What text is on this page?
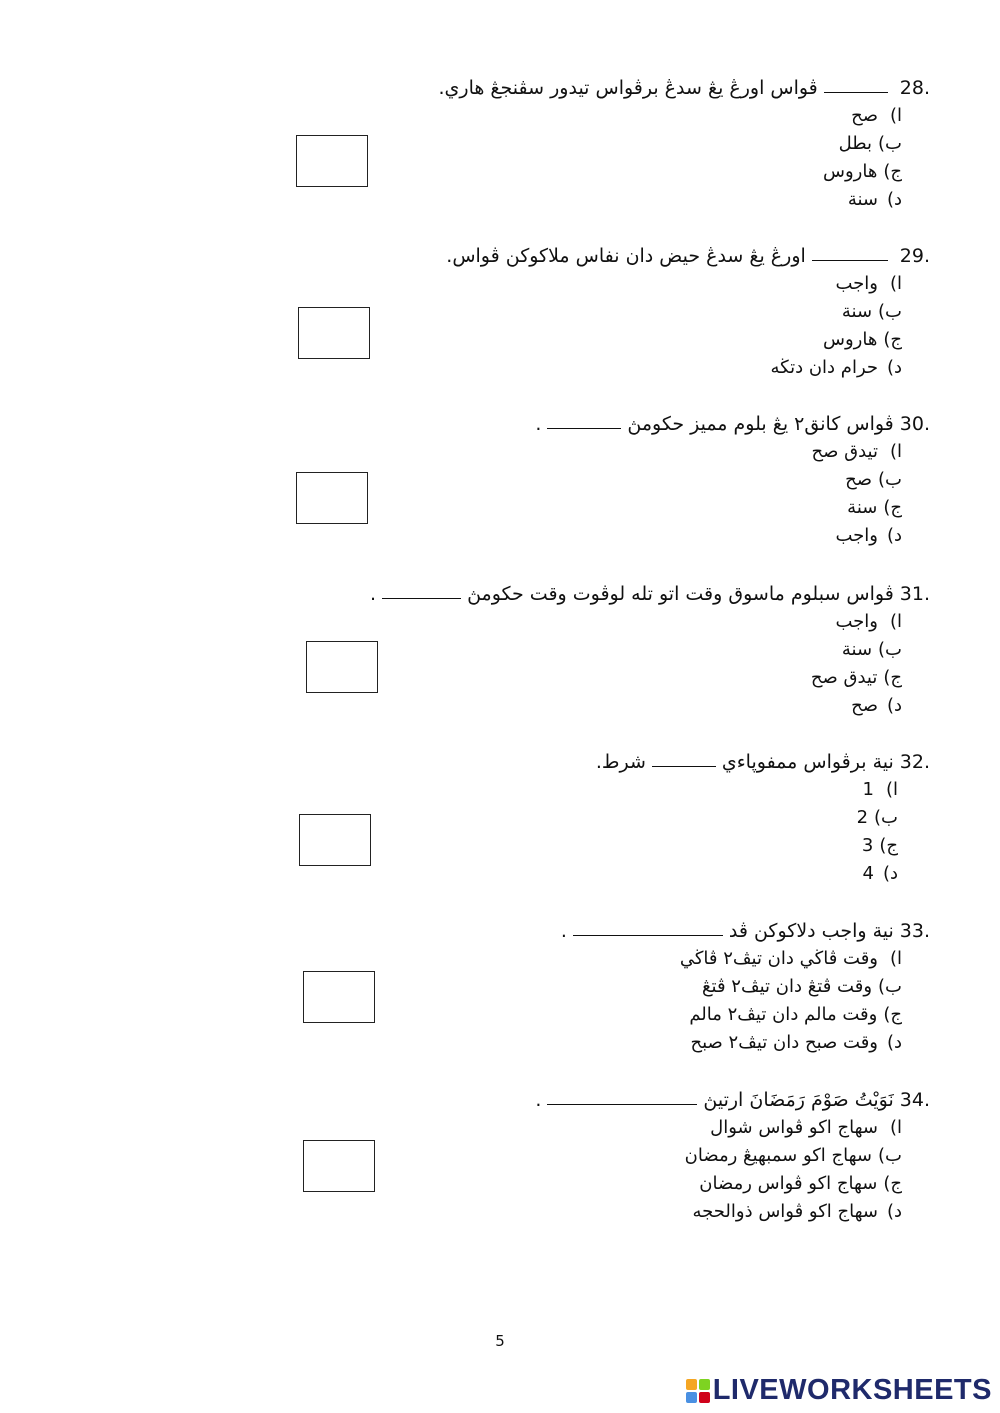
28.
ڤواس اورڠ يڠ سدڠ برڤواس تيدور سڤنجڠ هاري.
ا)
صح
ب)
بطل
ج)
هاروس
د)
سنة
29.
اورڠ يڠ سدڠ حيض دان نفاس ملاكوكن ڤواس.
ا)
واجب
ب)
سنة
ج)
هاروس
د)
حرام دان دتڬه
30.
ڤواس كانق٢ يڠ بلوم مميز حكومڽ
.
ا)
تيدق صح
ب)
صح
ج)
سنة
د)
واجب
31.
ڤواس سبلوم ماسوق وقت اتو تله لوڤوت وقت حكومڽ
.
ا)
واجب
ب)
سنة
ج)
تيدق صح
د)
صح
32.
نية برڤواس ممفوڽاءي
شرط.
ا)
1
ب)
2
ج)
3
د)
4
33.
نية واجب دلاكوكن ڤد
.
ا)
وقت ڤاڬي دان تيڤ٢ ڤاڬي
ب)
وقت ڤتڠ دان تيڤ٢ ڤتڠ
ج)
وقت مالم دان تيڤ٢ مالم
د)
وقت صبح دان تيڤ٢ صبح
34.
نَوَيْتُ صَوْمَ رَمَضَانَ ارتيڽ
.
ا)
سهاج اكو ڤواس شوال
ب)
سهاج اكو سمبهيڠ رمضان
ج)
سهاج اكو ڤواس رمضان
د)
سهاج اكو ڤواس ذوالحجه
5
LIVEWORKSHEETS
